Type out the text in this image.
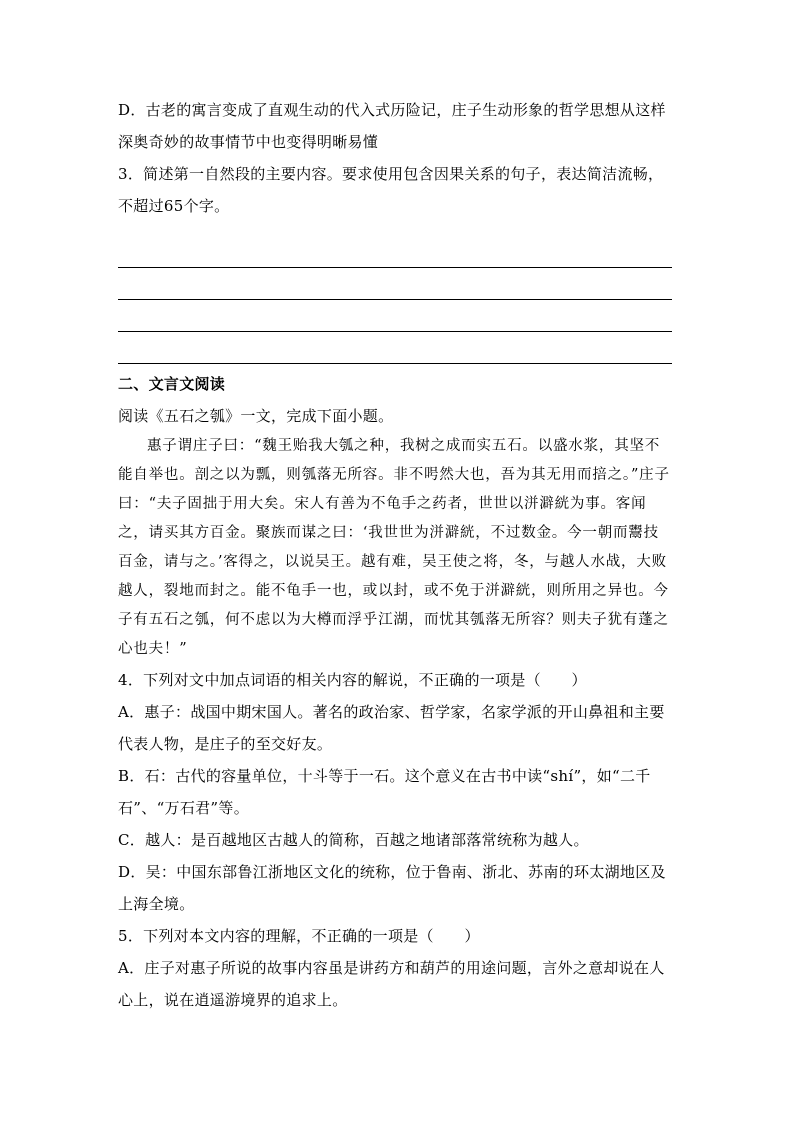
D．古老的寓言变成了直观生动的代入式历险记，庄子生动形象的哲学思想从这样深奥奇妙的故事情节中也变得明晰易懂

3．简述第一自然段的主要内容。要求使用包含因果关系的句子，表达简洁流畅，不超过65个字。

二、文言文阅读

阅读《五石之瓠》一文，完成下面小题。

惠子谓庄子曰：“魏王贻我大瓠之种，我树之成而实五石。以盛水浆，其坚不能自举也。剖之以为瓢，则瓠落无所容。非不呺然大也，吾为其无用而掊之。”庄子曰：“夫子固拙于用大矣。宋人有善为不龟手之药者，世世以洴澼絖为事。客闻之，请买其方百金。聚族而谋之曰：‘我世世为洴澼絖，不过数金。今一朝而鬻技百金，请与之。’客得之，以说吴王。越有难，吴王使之将，冬，与越人水战，大败越人，裂地而封之。能不龟手一也，或以封，或不免于洴澼絖，则所用之异也。今子有五石之瓠，何不虑以为大樽而浮乎江湖，而忧其瓠落无所容？则夫子犹有蓬之心也夫！”

4．下列对文中加点词语的相关内容的解说，不正确的一项是（　　）

A．惠子：战国中期宋国人。著名的政治家、哲学家，名家学派的开山鼻祖和主要代表人物，是庄子的至交好友。

B．石：古代的容量单位，十斗等于一石。这个意义在古书中读“shí”，如“二千石”、“万石君”等。

C．越人：是百越地区古越人的简称，百越之地诸部落常统称为越人。

D．吴：中国东部鲁江浙地区文化的统称，位于鲁南、浙北、苏南的环太湖地区及上海全境。

5．下列对本文内容的理解，不正确的一项是（　　）

A．庄子对惠子所说的故事内容虽是讲药方和葫芦的用途问题，言外之意却说在人心上，说在逍遥游境界的追求上。
